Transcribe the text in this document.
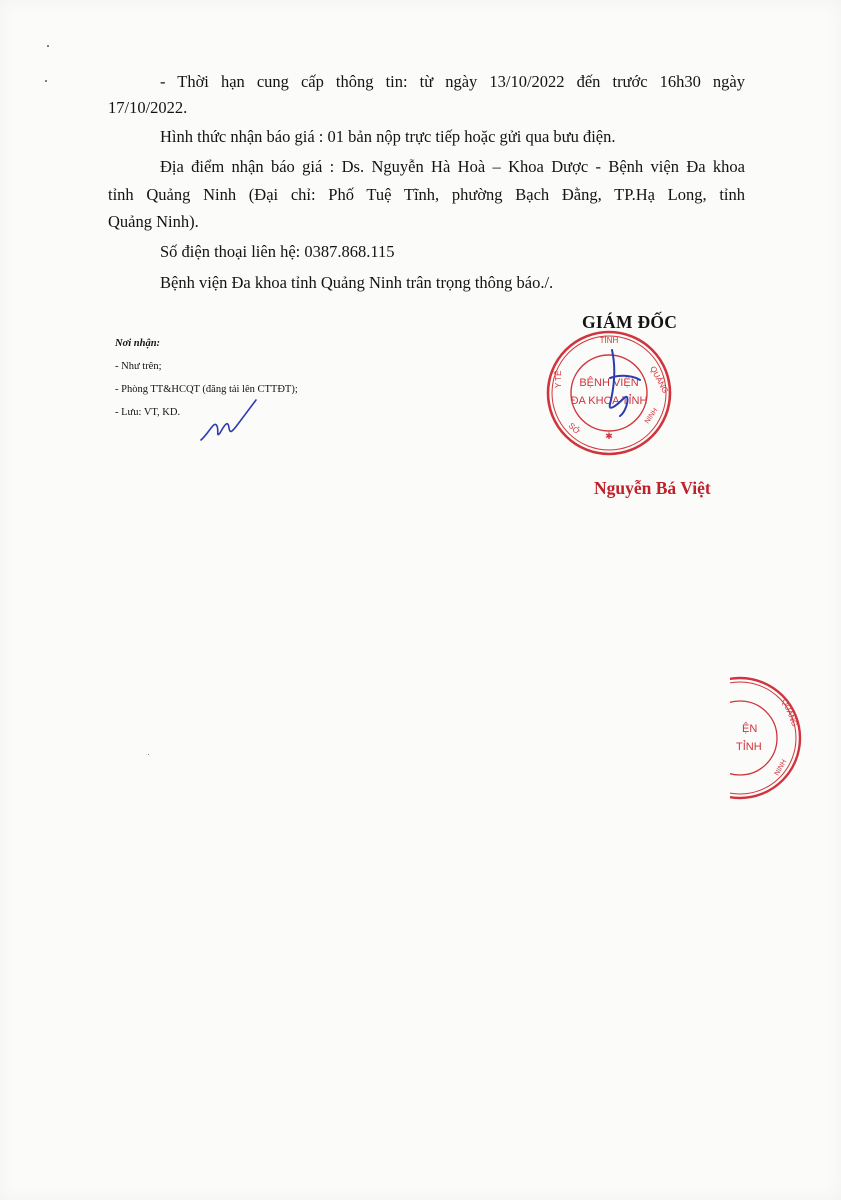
- Thời hạn cung cấp thông tin: từ ngày 13/10/2022 đến trước 16h30 ngày
17/10/2022.
Hình thức nhận báo giá : 01 bản nộp trực tiếp hoặc gửi qua bưu điện.
Địa điểm nhận báo giá : Ds. Nguyễn Hà Hoà – Khoa Dược - Bệnh viện Đa khoa
tỉnh Quảng Ninh (Đại chỉ: Phố Tuệ Tĩnh, phường Bạch Đằng, TP.Hạ Long, tỉnh
Quảng Ninh).
Số điện thoại liên hệ: 0387.868.115
Bệnh viện Đa khoa tỉnh Quảng Ninh trân trọng thông báo./.
Nơi nhận:
- Như trên;
- Phòng TT&HCQT (đăng tải lên CTTĐT);
- Lưu: VT, KD.
GIÁM ĐỐC
TỈNH
QUẢNG
Y TẾ
SỞ
NINH
✱
BỆNH VIỆN
ĐA KHOA TỈNH
Nguyễn Bá Việt
QUẢNG
NINH
ỆN
TỈNH
